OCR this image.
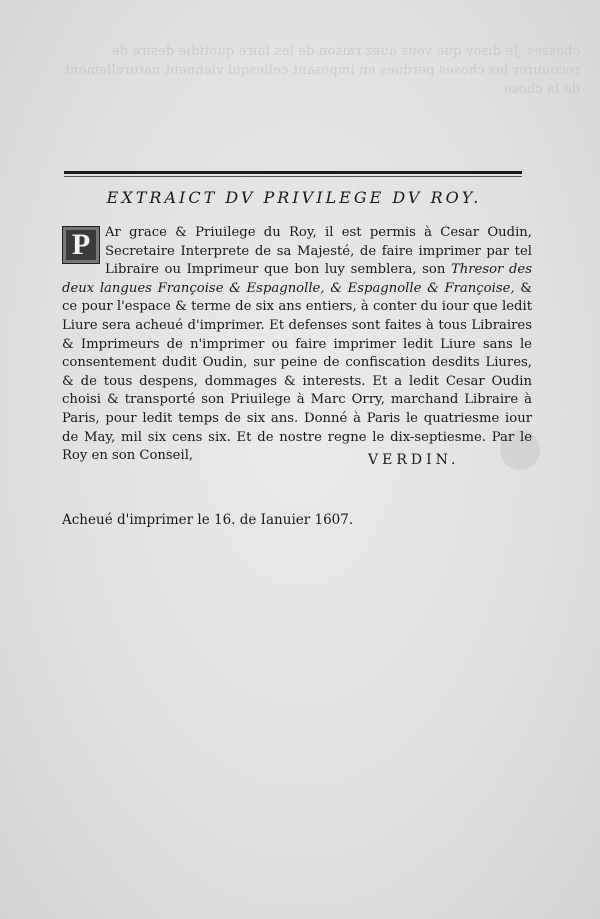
chosses. Je disoy que vous auez raison de les faire quotidie desire de recouurer les choses perdues en imposant cellesqui viennent naturellement de la chose
EXTRAICT DV PRIVILEGE DV ROY.
P	Ar grace & Priuilege du Roy, il est permis à Cesar Oudin, Secretaire Interprete de sa Majesté, de faire imprimer par tel Libraire ou Imprimeur que bon luy semblera, son Thresor des deux langues Françoise & Espagnolle, & Espagnolle & Françoise, & ce pour l'espace & terme de six ans entiers, à conter du iour que ledit Liure sera acheué d'imprimer. Et defenses sont faites à tous Libraires & Imprimeurs de n'imprimer ou faire imprimer ledit Liure sans le consentement dudit Oudin, sur peine de confiscation desdits Liures, & de tous despens, dommages & interests. Et a ledit Cesar Oudin choisi & transporté son Priuilege à Marc Orry, marchand Libraire à Paris, pour ledit temps de six ans. Donné à Paris le quatriesme iour de May, mil six cens six. Et de nostre regne le dix-septiesme. Par le Roy en son Conseil,	VERDIN.
Acheué d'imprimer le 16. de Ianuier 1607.
